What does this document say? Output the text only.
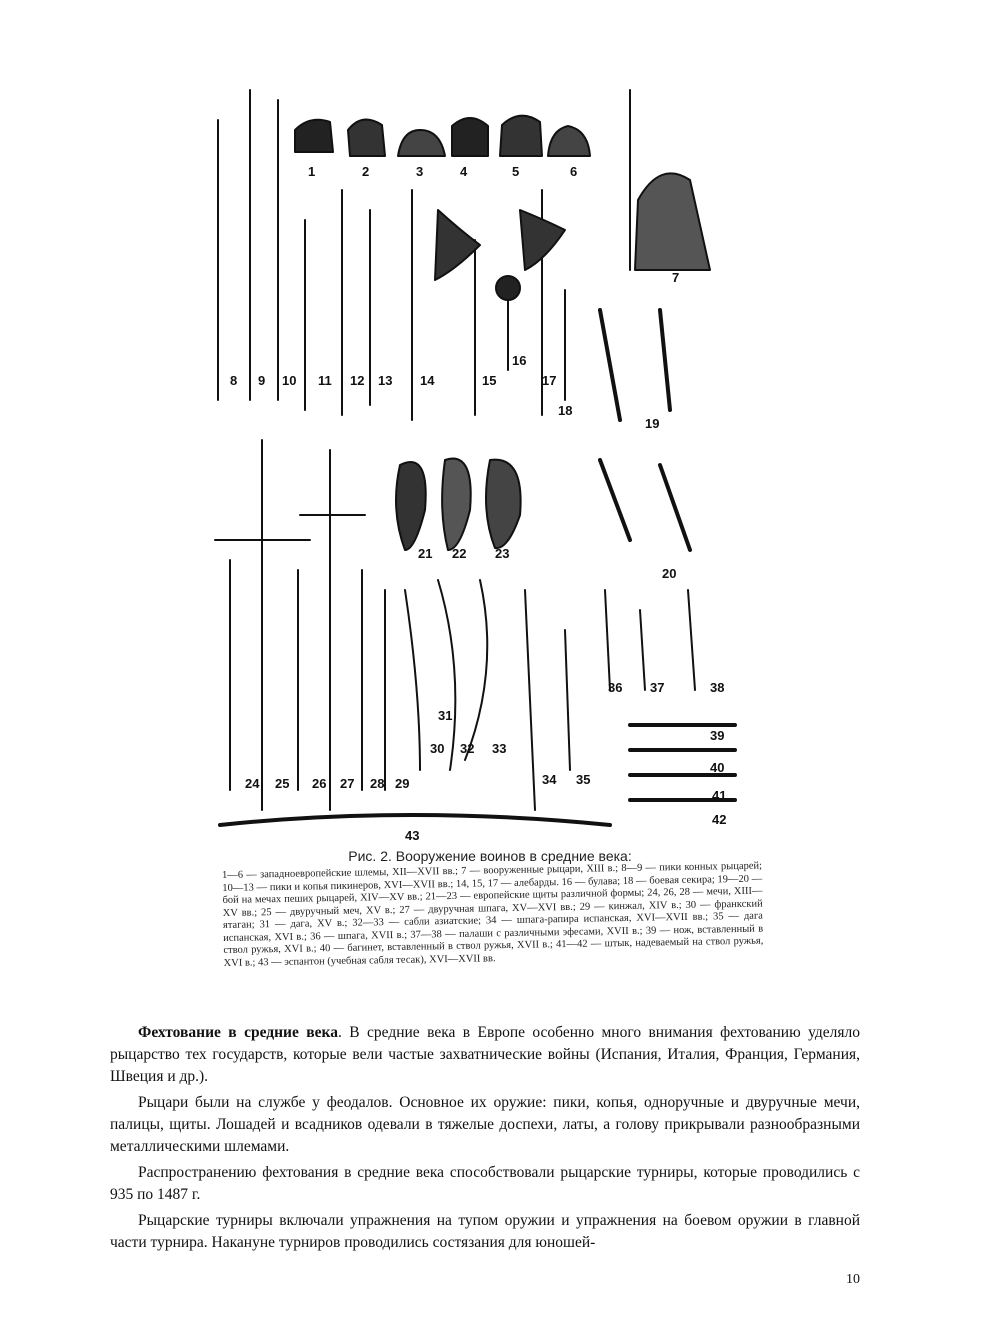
1	2	3	4	5	6
7
8 9 10 11 12 13 14	15
16
17
18
19
20
21 22 23
24 25 26 27 28 29
30
31
32 33
34 35
36 37	38
39
40
41
42
43
Рис. 2. Вооружение воинов в средние века:
1—6 — западноевропейские шлемы, XII—XVII вв.; 7 — вооруженные рыцари, XIII в.; 8—9 — пики конных рыцарей; 10—13 — пики и копья пикинеров, XVI—XVII вв.; 14, 15, 17 — алебарды. 16 — булава; 18 — боевая секира; 19—20 — бой на мечах пеших рыцарей, XIV—XV вв.; 21—23 — европейские щиты различной формы; 24, 26, 28 — мечи, XIII—XV вв.; 25 — двуручный меч, XV в.; 27 — двуручная шпага, XV—XVI вв.; 29 — кинжал, XIV в.; 30 — франкский ятаган; 31 — дага, XV в.; 32—33 — сабли азиатские; 34 — шпага-рапира испанская, XVI—XVII вв.; 35 — дага испанская, XVI в.; 36 — шпага, XVII в.; 37—38 — палаши с различными эфесами, XVII в.; 39 — нож, вставленный в ствол ружья, XVI в.; 40 — багинет, вставленный в ствол ружья, XVII в.; 41—42 — штык, надеваемый на ствол ружья, XVI в.; 43 — эспантон (учебная сабля тесак), XVI—XVII вв.

Фехтование в средние века. В средние века в Европе особенно много внимания фехтованию уделяло рыцарство тех государств, которые вели частые захватнические войны (Испания, Италия, Франция, Германия, Швеция и др.).

Рыцари были на службе у феодалов. Основное их оружие: пики, копья, одноручные и двуручные мечи, палицы, щиты. Лошадей и всадников одевали в тяжелые доспехи, латы, а голову прикрывали разнообразными металлическими шлемами.

Распространению фехтования в средние века способствовали рыцарские турниры, которые проводились с 935 по 1487 г.

Рыцарские турниры включали упражнения на тупом оружии и упражнения на боевом оружии в главной части турнира. Накануне турниров проводились состязания для юношей-

10
